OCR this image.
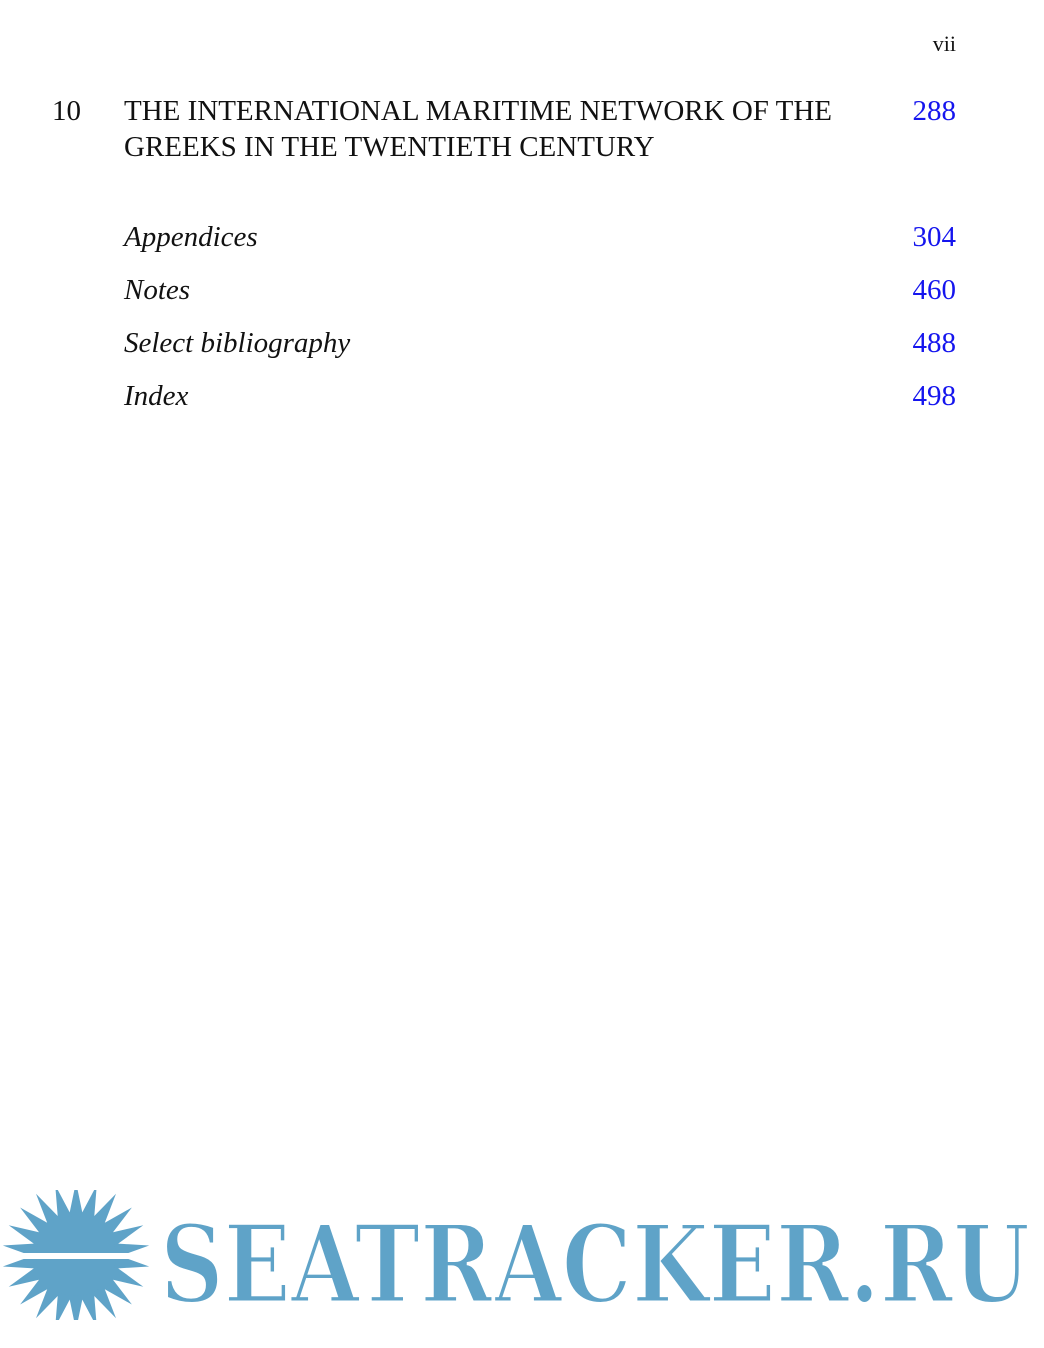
vii
10 THE INTERNATIONAL MARITIME NETWORK OF THE
GREEKS IN THE TWENTIETH CENTURY
288
Appendices	304
Notes	460
Select bibliography	488
Index	498
SEATRACKER.RU
